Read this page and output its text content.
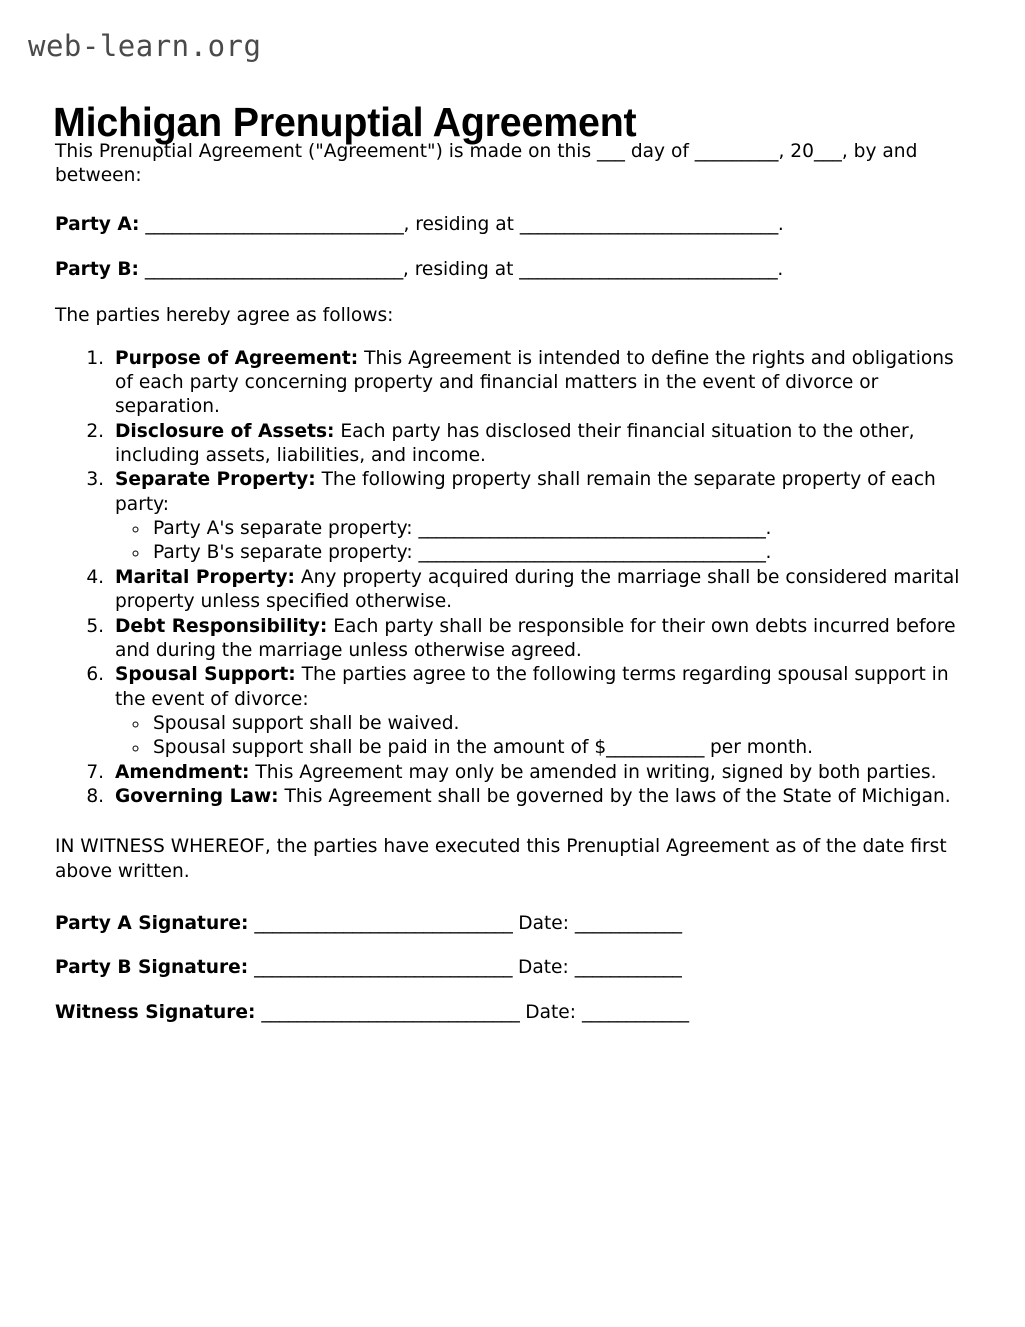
web-learn.org
Michigan Prenuptial Agreement

This Prenuptial Agreement ("Agreement") is made on this ___ day of _________, 20___, by and between:

Party A: _____________________________, residing at _____________________________.

Party B: _____________________________, residing at _____________________________.

The parties hereby agree as follows:

1. Purpose of Agreement: This Agreement is intended to define the rights and obligations of each party concerning property and financial matters in the event of divorce or separation.
2. Disclosure of Assets: Each party has disclosed their financial situation to the other, including assets, liabilities, and income.
3. Separate Property: The following property shall remain the separate property of each party:
◦ Party A's separate property: _______________________________________.
◦ Party B's separate property: _______________________________________.
4. Marital Property: Any property acquired during the marriage shall be considered marital property unless specified otherwise.
5. Debt Responsibility: Each party shall be responsible for their own debts incurred before and during the marriage unless otherwise agreed.
6. Spousal Support: The parties agree to the following terms regarding spousal support in the event of divorce:
◦ Spousal support shall be waived.
◦ Spousal support shall be paid in the amount of $___________ per month.
7. Amendment: This Agreement may only be amended in writing, signed by both parties.
8. Governing Law: This Agreement shall be governed by the laws of the State of Michigan.

IN WITNESS WHEREOF, the parties have executed this Prenuptial Agreement as of the date first above written.

Party A Signature: _____________________________ Date: ____________
Party B Signature: _____________________________ Date: ____________
Witness Signature: _____________________________ Date: ____________
